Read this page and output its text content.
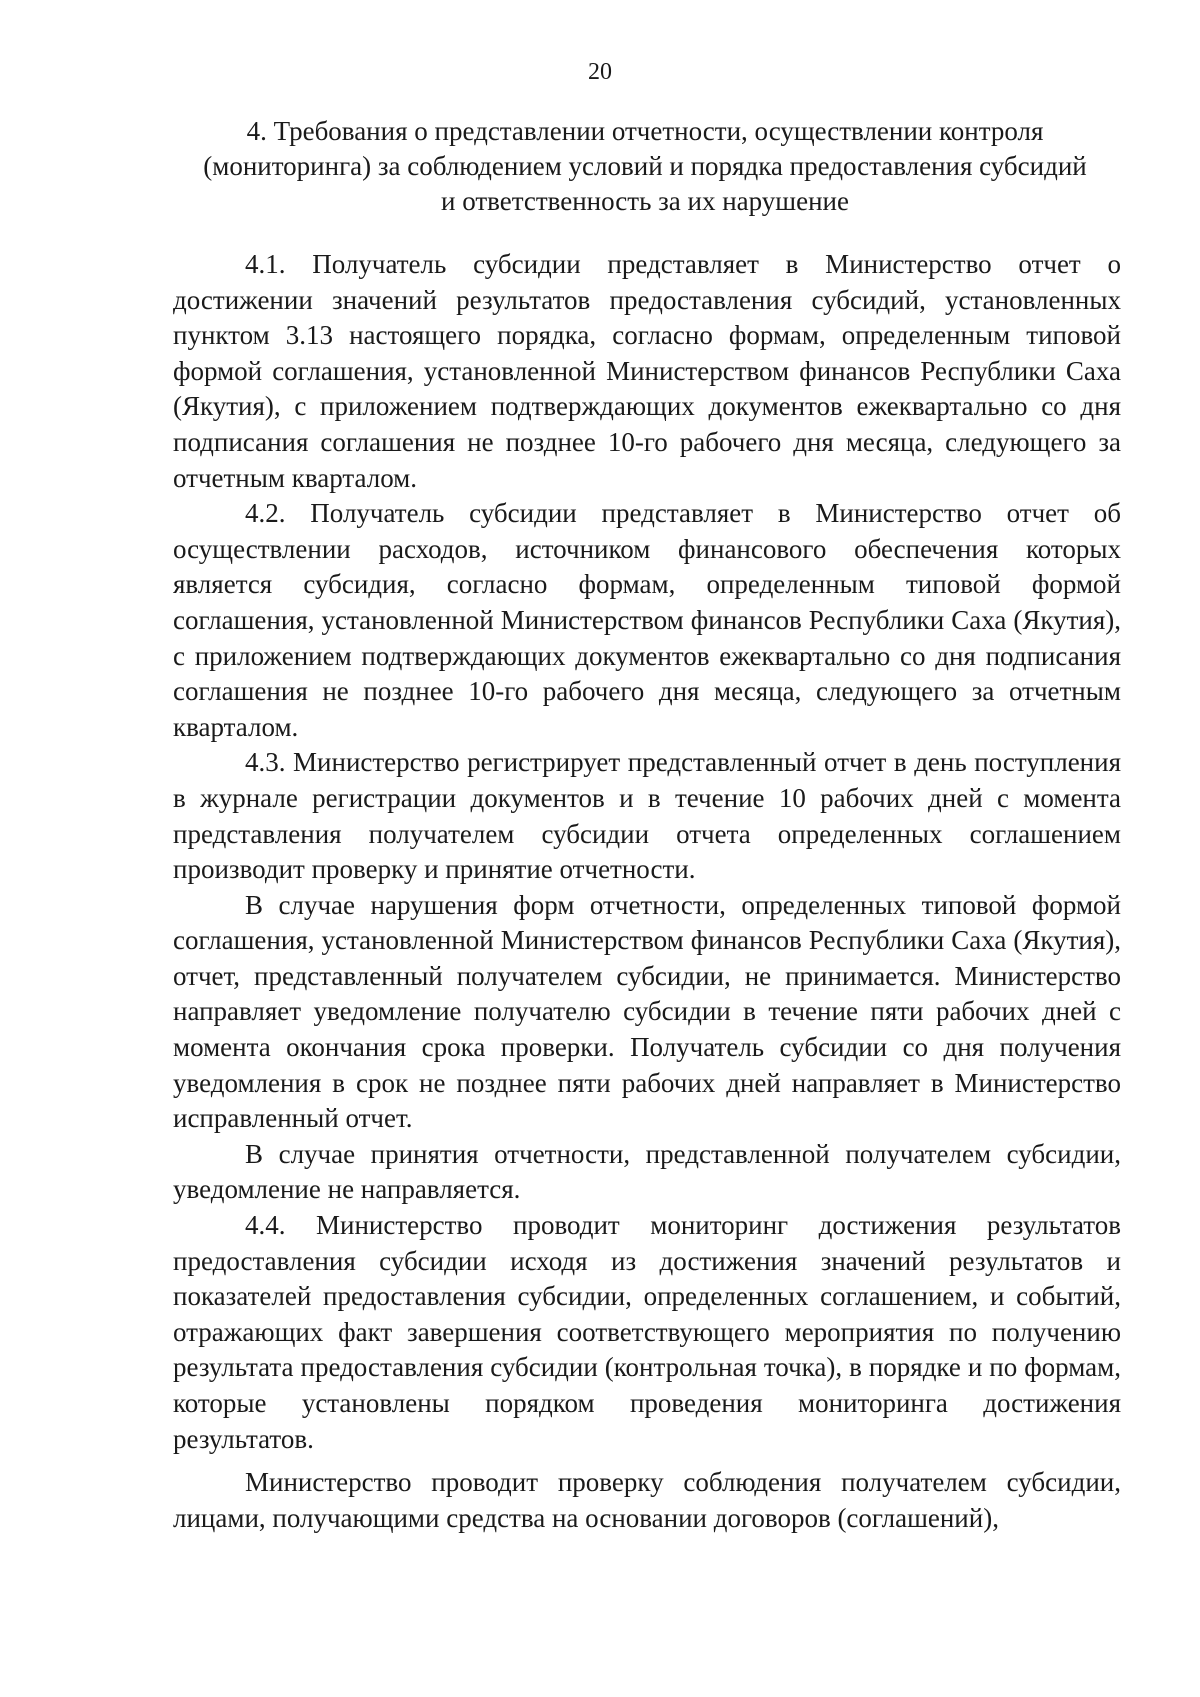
20
4. Требования о представлении отчетности, осуществлении контроля
(мониторинга) за соблюдением условий и порядка предоставления субсидий
и ответственность за их нарушение

4.1. Получатель субсидии представляет в Министерство отчет о достижении значений результатов предоставления субсидий, установленных пунктом 3.13 настоящего порядка, согласно формам, определенным типовой формой соглашения, установленной Министерством финансов Республики Саха (Якутия), с приложением подтверждающих документов ежеквартально со дня подписания соглашения не позднее 10-го рабочего дня месяца, следующего за отчетным кварталом.

4.2. Получатель субсидии представляет в Министерство отчет об осуществлении расходов, источником финансового обеспечения которых является субсидия, согласно формам, определенным типовой формой соглашения, установленной Министерством финансов Республики Саха (Якутия), с приложением подтверждающих документов ежеквартально со дня подписания соглашения не позднее 10-го рабочего дня месяца, следующего за отчетным кварталом.

4.3. Министерство регистрирует представленный отчет в день поступления в журнале регистрации документов и в течение 10 рабочих дней с момента представления получателем субсидии отчета определенных соглашением производит проверку и принятие отчетности.

В случае нарушения форм отчетности, определенных типовой формой соглашения, установленной Министерством финансов Республики Саха (Якутия), отчет, представленный получателем субсидии, не принимается. Министерство направляет уведомление получателю субсидии в течение пяти рабочих дней с момента окончания срока проверки. Получатель субсидии со дня получения уведомления в срок не позднее пяти рабочих дней направляет в Министерство исправленный отчет.

В случае принятия отчетности, представленной получателем субсидии, уведомление не направляется.

4.4. Министерство проводит мониторинг достижения результатов предоставления субсидии исходя из достижения значений результатов и показателей предоставления субсидии, определенных соглашением, и событий, отражающих факт завершения соответствующего мероприятия по получению результата предоставления субсидии (контрольная точка), в порядке и по формам, которые установлены порядком проведения мониторинга достижения результатов.

Министерство проводит проверку соблюдения получателем субсидии, лицами, получающими средства на основании договоров (соглашений),
